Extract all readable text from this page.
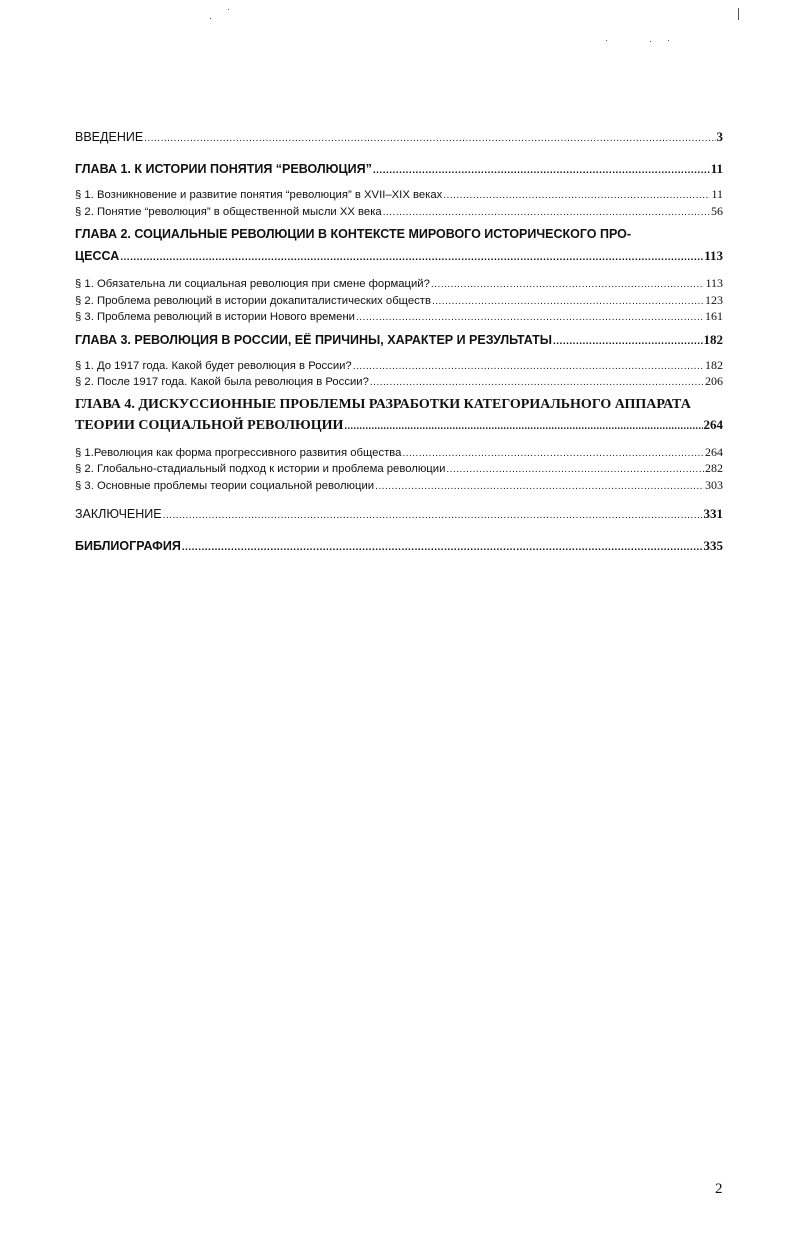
ВВЕДЕНИЕ .....	3
ГЛАВА 1. К ИСТОРИИ ПОНЯТИЯ “РЕВОЛЮЦИЯ” .....	11
§ 1. Возникновение и развитие понятия “революция” в XVII–XIX веках .....	11
§ 2. Понятие “революция” в общественной мысли XX века .....	56
ГЛАВА 2. СОЦИАЛЬНЫЕ РЕВОЛЮЦИИ В КОНТЕКСТЕ МИРОВОГО ИСТОРИЧЕСКОГО ПРО-
ЦЕССА .....	113
§ 1. Обязательна ли социальная революция при смене формаций? .....	113
§ 2. Проблема революций в истории докапиталистических обществ .....	123
§ 3. Проблема революций в истории Нового времени .....	161
ГЛАВА 3. РЕВОЛЮЦИЯ В РОССИИ, ЕЁ ПРИЧИНЫ, ХАРАКТЕР И РЕЗУЛЬТАТЫ .....	182
§ 1. До 1917 года. Какой будет революция в России? .....	182
§ 2. После 1917 года. Какой была революция в России? .....	206
ГЛАВА 4. ДИСКУССИОННЫЕ ПРОБЛЕМЫ РАЗРАБОТКИ КАТЕГОРИАЛЬНОГО АППАРАТА
ТЕОРИИ СОЦИАЛЬНОЙ РЕВОЛЮЦИИ .....	264
§ 1.Революция как форма прогрессивного развития общества .....	264
§ 2. Глобально-стадиальный подход к истории и проблема революции .....	282
§ 3. Основные проблемы теории социальной революции .....	303
ЗАКЛЮЧЕНИЕ .....	331
БИБЛИОГРАФИЯ .....	335
2
